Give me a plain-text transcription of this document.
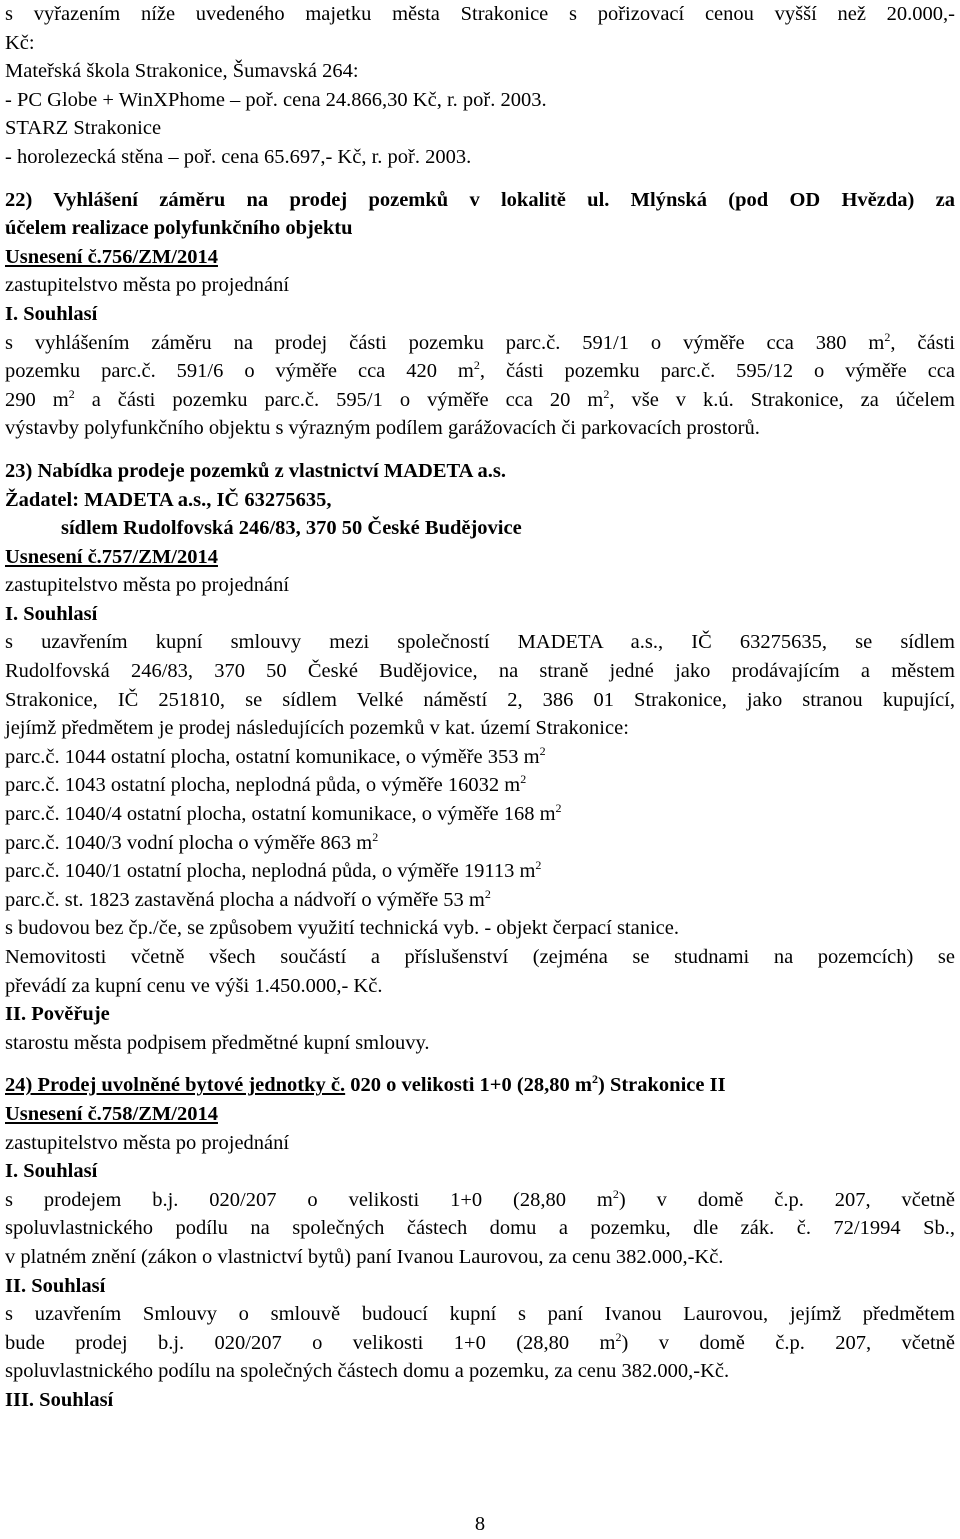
s vyřazením níže uvedeného majetku města Strakonice s pořizovací cenou vyšší než 20.000,-
Kč:
Mateřská škola Strakonice, Šumavská 264:
- PC Globe + WinXPhome – poř. cena 24.866,30 Kč, r. poř. 2003.
STARZ Strakonice
- horolezecká stěna – poř. cena 65.697,- Kč, r. poř. 2003.
22) Vyhlášení záměru na prodej pozemků v lokalitě ul. Mlýnská (pod OD Hvězda) za
účelem realizace polyfunkčního objektu
Usnesení č.756/ZM/2014
zastupitelstvo města po projednání
I. Souhlasí
s vyhlášením záměru na prodej části pozemku parc.č. 591/1 o výměře cca 380 $m^2$, části
pozemku parc.č. 591/6 o výměře cca 420 $m^2$, části pozemku parc.č. 595/12 o výměře cca
290 $m^2$ a části pozemku parc.č. 595/1 o výměře cca 20 $m^2$, vše v k.ú. Strakonice, za účelem
výstavby polyfunkčního objektu s výrazným podílem garážovacích či parkovacích prostorů.
23) Nabídka prodeje pozemků z vlastnictví MADETA a.s.
Žadatel: MADETA a.s., IČ 63275635,
sídlem Rudolfovská 246/83, 370 50 České Budějovice
Usnesení č.757/ZM/2014
zastupitelstvo města po projednání
I. Souhlasí
s uzavřením kupní smlouvy mezi společností MADETA a.s., IČ 63275635, se sídlem
Rudolfovská 246/83, 370 50 České Budějovice, na straně jedné jako prodávajícím a městem
Strakonice, IČ 251810, se sídlem Velké náměstí 2, 386 01 Strakonice, jako stranou kupující,
jejímž předmětem je prodej následujících pozemků v kat. území Strakonice:
parc.č. 1044 ostatní plocha, ostatní komunikace, o výměře 353 $m^2$
parc.č. 1043 ostatní plocha, neplodná půda, o výměře 16032 $m^2$
parc.č. 1040/4 ostatní plocha, ostatní komunikace, o výměře 168 $m^2$
parc.č. 1040/3 vodní plocha o výměře 863 $m^2$
parc.č. 1040/1 ostatní plocha, neplodná půda, o výměře 19113 $m^2$
parc.č. st. 1823 zastavěná plocha a nádvoří o výměře 53 $m^2$
s budovou bez čp./če, se způsobem využití technická vyb. - objekt čerpací stanice.
Nemovitosti včetně všech součástí a příslušenství (zejména se studnami na pozemcích) se
převádí za kupní cenu ve výši 1.450.000,- Kč.
II. Pověřuje
starostu města podpisem předmětné kupní smlouvy.
24) Prodej uvolněné bytové jednotky č. 020 o velikosti 1+0 (28,80 $m^2$) Strakonice II
Usnesení č.758/ZM/2014
zastupitelstvo města po projednání
I. Souhlasí
s prodejem b.j. 020/207 o velikosti 1+0 (28,80 $m^2$) v domě č.p. 207, včetně
spoluvlastnického podílu na společných částech domu a pozemku, dle zák. č. 72/1994 Sb.,
v platném znění (zákon o vlastnictví bytů) paní Ivanou Laurovou, za cenu 382.000,-Kč.
II. Souhlasí
s uzavřením Smlouvy o smlouvě budoucí kupní s paní Ivanou Laurovou, jejímž předmětem
bude prodej b.j. 020/207 o velikosti 1+0 (28,80 $m^2$) v domě č.p. 207, včetně
spoluvlastnického podílu na společných částech domu a pozemku, za cenu 382.000,-Kč.
III. Souhlasí
8
